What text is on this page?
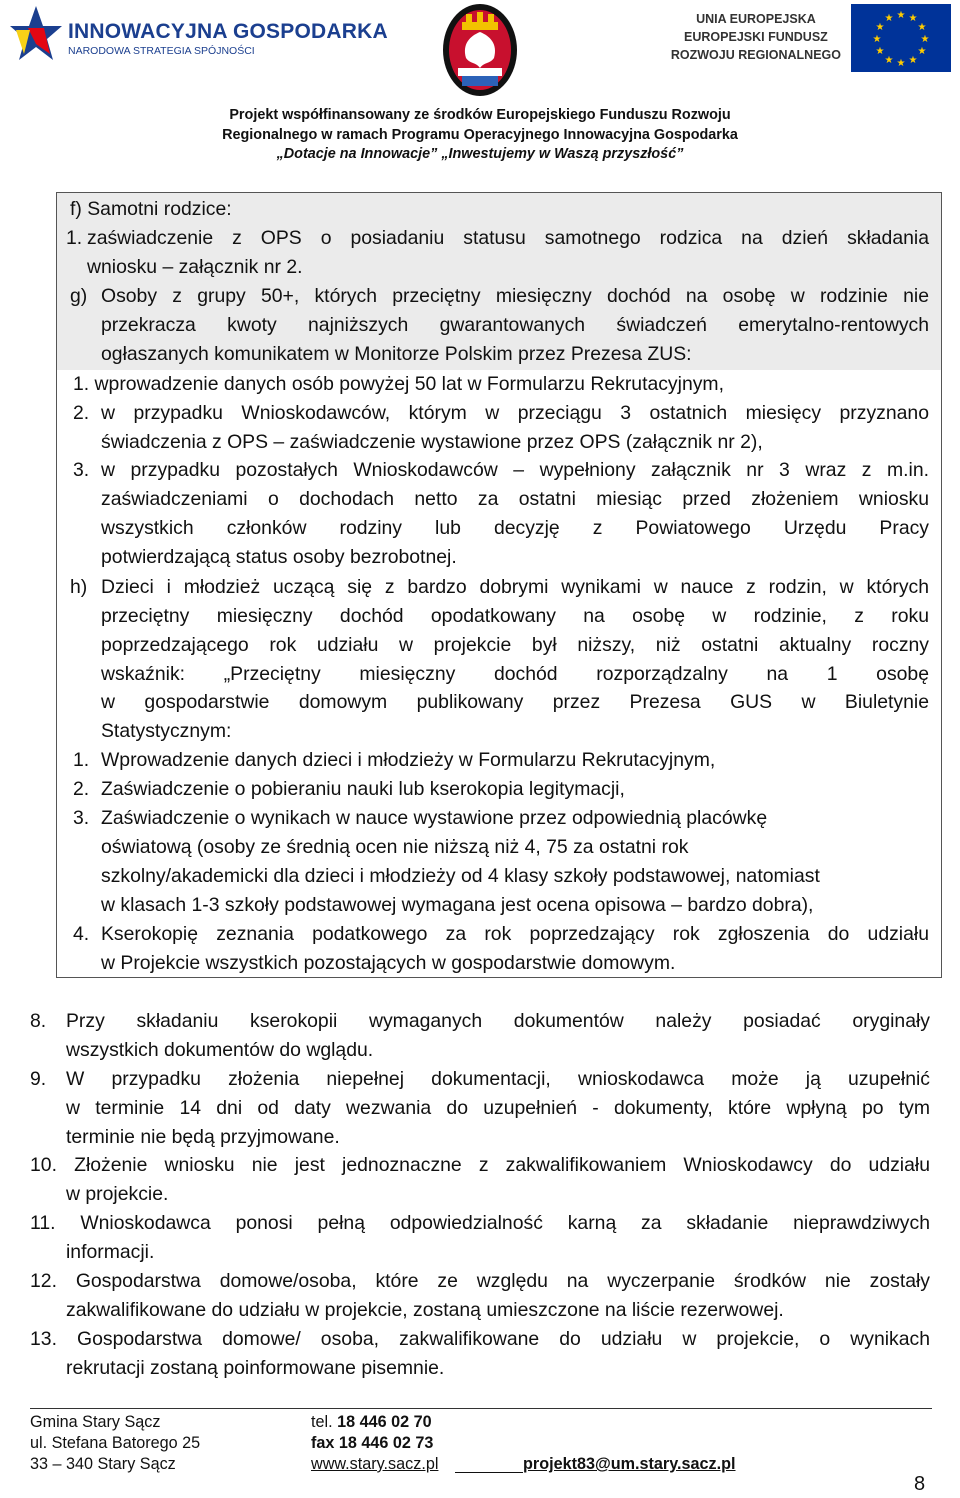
INNOWACYJNA GOSPODARKA
NARODOWA STRATEGIA SPÓJNOŚCI
UNIA EUROPEJSKA
EUROPEJSKI FUNDUSZ
ROZWOJU REGIONALNEGO
★ ★
★
★
★
★
★
★
★
★
★
★
Projekt współfinansowany ze środków Europejskiego Funduszu Rozwoju
Regionalnego w ramach Programu Operacyjnego Innowacyjna Gospodarka
„Dotacje na Innowacje” „Inwestujemy w Waszą przyszłość”
f) Samotni rodzice:
1. zaświadczenie z OPS o posiadaniu statusu samotnego rodzica na dzień składania
wniosku – załącznik nr 2.
g) Osoby z grupy 50+, których przeciętny miesięczny dochód na osobę w rodzinie nie
przekracza kwoty najniższych gwarantowanych świadczeń emerytalno-rentowych
ogłaszanych komunikatem w Monitorze Polskim przez Prezesa ZUS:
1. wprowadzenie danych osób powyżej 50 lat w Formularzu Rekrutacyjnym,
2. w przypadku Wnioskodawców, którym w przeciągu 3 ostatnich miesięcy przyznano
świadczenia z OPS – zaświadczenie wystawione przez OPS (załącznik nr 2),
3. w przypadku pozostałych Wnioskodawców – wypełniony załącznik nr 3 wraz z m.in.
zaświadczeniami o dochodach netto za ostatni miesiąc przed złożeniem wniosku
wszystkich członków rodziny lub decyzję z Powiatowego Urzędu Pracy
potwierdzającą status osoby bezrobotnej.
h) Dzieci i młodzież uczącą się z bardzo dobrymi wynikami w nauce z rodzin, w których
przeciętny miesięczny dochód opodatkowany na osobę w rodzinie, z roku
poprzedzającego rok udziału w projekcie był niższy, niż ostatni aktualny roczny
wskaźnik: „Przeciętny miesięczny dochód rozporządzalny na 1 osobę
w gospodarstwie domowym publikowany przez Prezesa GUS w Biuletynie
Statystycznym:
1. Wprowadzenie danych dzieci i młodzieży w Formularzu Rekrutacyjnym,
2. Zaświadczenie o pobieraniu nauki lub kserokopia legitymacji,
3. Zaświadczenie o wynikach w nauce wystawione przez odpowiednią placówkę
oświatową (osoby ze średnią ocen nie niższą niż 4, 75 za ostatni rok
szkolny/akademicki dla dzieci i młodzieży od 4 klasy szkoły podstawowej, natomiast
w klasach 1-3 szkoły podstawowej wymagana jest ocena opisowa – bardzo dobra),
4. Kserokopię zeznania podatkowego za rok poprzedzający rok zgłoszenia do udziału
w Projekcie wszystkich pozostających w gospodarstwie domowym.
8. Przy składaniu kserokopii wymaganych dokumentów należy posiadać oryginały
wszystkich dokumentów do wglądu.
9. W przypadku złożenia niepełnej dokumentacji, wnioskodawca może ją uzupełnić
w terminie 14 dni od daty wezwania do uzupełnień - dokumenty, które wpłyną po tym
terminie nie będą przyjmowane.
10. Złożenie wniosku nie jest jednoznaczne z zakwalifikowaniem Wnioskodawcy do udziału
w projekcie.
11. Wnioskodawca ponosi pełną odpowiedzialność karną za składanie nieprawdziwych
informacji.
12. Gospodarstwa domowe/osoba, które ze względu na wyczerpanie środków nie zostały
zakwalifikowane do udziału w projekcie, zostaną umieszczone na liście rezerwowej.
13. Gospodarstwa domowe/ osoba, zakwalifikowane do udziału w projekcie, o wynikach
rekrutacji zostaną poinformowane pisemnie.
Gmina Stary Sącz
ul. Stefana Batorego 25
33 – 340 Stary Sącz
tel. 18 446 02 70
fax 18 446 02 73
www.stary.sacz.pl	projekt83@um.stary.sacz.pl
8
